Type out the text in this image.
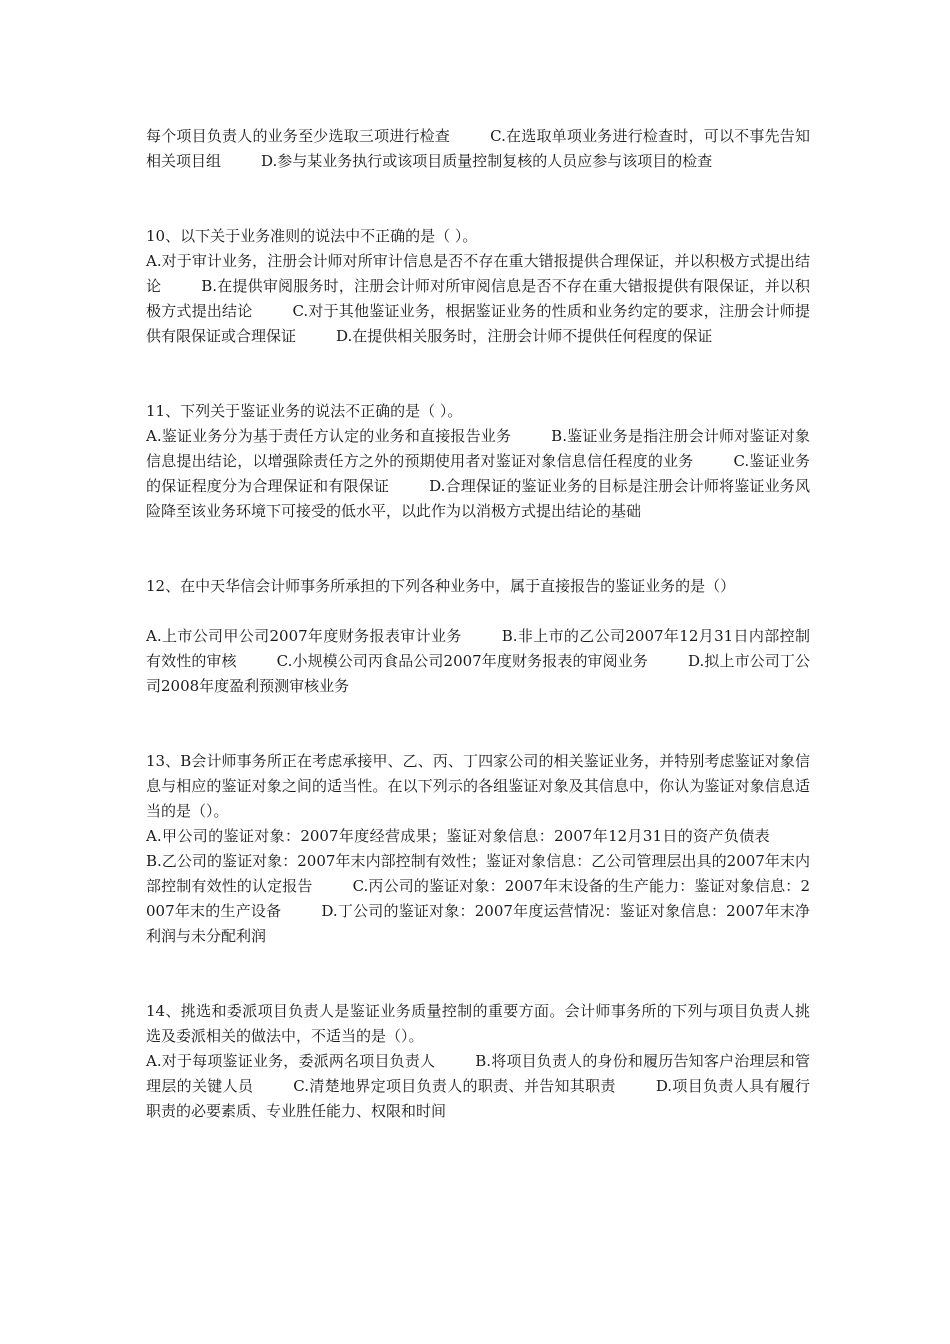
每个项目负责人的业务至少选取三项进行检查	C.在选取单项业务进行检查时，可以不事先告知相关项目组	D.参与某业务执行或该项目质量控制复核的人员应参与该项目的检查

10、以下关于业务准则的说法中不正确的是（ ）。

A.对于审计业务，注册会计师对所审计信息是否不存在重大错报提供合理保证，并以积极方式提出结论	B.在提供审阅服务时，注册会计师对所审阅信息是否不存在重大错报提供有限保证，并以积极方式提出结论	C.对于其他鉴证业务，根据鉴证业务的性质和业务约定的要求，注册会计师提供有限保证或合理保证	D.在提供相关服务时，注册会计师不提供任何程度的保证

11、下列关于鉴证业务的说法不正确的是（ ）。

A.鉴证业务分为基于责任方认定的业务和直接报告业务	B.鉴证业务是指注册会计师对鉴证对象信息提出结论，以增强除责任方之外的预期使用者对鉴证对象信息信任程度的业务	C.鉴证业务的保证程度分为合理保证和有限保证	D.合理保证的鉴证业务的目标是注册会计师将鉴证业务风险降至该业务环境下可接受的低水平，以此作为以消极方式提出结论的基础

12、在中天华信会计师事务所承担的下列各种业务中，属于直接报告的鉴证业务的是（）

A.上市公司甲公司2007年度财务报表审计业务	B.非上市的乙公司2007年12月31日内部控制有效性的审核	C.小规模公司丙食品公司2007年度财务报表的审阅业务	D.拟上市公司丁公司2008年度盈利预测审核业务

13、B会计师事务所正在考虑承接甲、乙、丙、丁四家公司的相关鉴证业务，并特别考虑鉴证对象信息与相应的鉴证对象之间的适当性。在以下列示的各组鉴证对象及其信息中，你认为鉴证对象信息适当的是（）。

A.甲公司的鉴证对象：2007年度经营成果；鉴证对象信息：2007年12月31日的资产负债表B.乙公司的鉴证对象：2007年末内部控制有效性；鉴证对象信息：乙公司管理层出具的2007年末内部控制有效性的认定报告	C.丙公司的鉴证对象：2007年末设备的生产能力：鉴证对象信息：2007年末的生产设备	D.丁公司的鉴证对象：2007年度运营情况：鉴证对象信息：2007年末净利润与未分配利润

14、挑选和委派项目负责人是鉴证业务质量控制的重要方面。会计师事务所的下列与项目负责人挑选及委派相关的做法中，不适当的是（）。

A.对于每项鉴证业务，委派两名项目负责人	B.将项目负责人的身份和履历告知客户治理层和管理层的关键人员	C.清楚地界定项目负责人的职责、并告知其职责	D.项目负责人具有履行职责的必要素质、专业胜任能力、权限和时间
